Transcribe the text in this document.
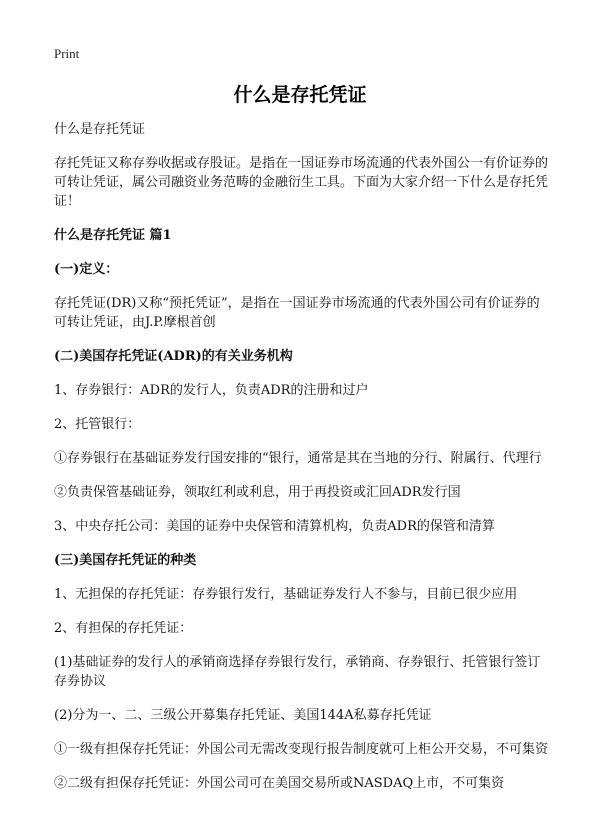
Print
什么是存托凭证

什么是存托凭证

存托凭证又称存券收据或存股证。是指在一国证券市场流通的代表外国公一有价证券的可转让凭证，属公司融资业务范畴的金融衍生工具。下面为大家介绍一下什么是存托凭证！

什么是存托凭证 篇1

(一)定义：

存托凭证(DR)又称“预托凭证”，是指在一国证券市场流通的代表外国公司有价证券的可转让凭证，由J.P.摩根首创

(二)美国存托凭证(ADR)的有关业务机构

1、存券银行：ADR的发行人，负责ADR的注册和过户

2、托管银行：

①存券银行在基础证券发行国安排的“银行，通常是其在当地的分行、附属行、代理行

②负责保管基础证券，领取红利或利息，用于再投资或汇回ADR发行国

3、中央存托公司：美国的证券中央保管和清算机构，负责ADR的保管和清算

(三)美国存托凭证的种类

1、无担保的存托凭证：存券银行发行，基础证券发行人不参与，目前已很少应用

2、有担保的存托凭证：

(1)基础证券的发行人的承销商选择存券银行发行，承销商、存券银行、托管银行签订存券协议

(2)分为一、二、三级公开募集存托凭证、美国144A私募存托凭证

①一级有担保存托凭证：外国公司无需改变现行报告制度就可上柜公开交易，不可集资

②二级有担保存托凭证：外国公司可在美国交易所或NASDAQ上市，不可集资
